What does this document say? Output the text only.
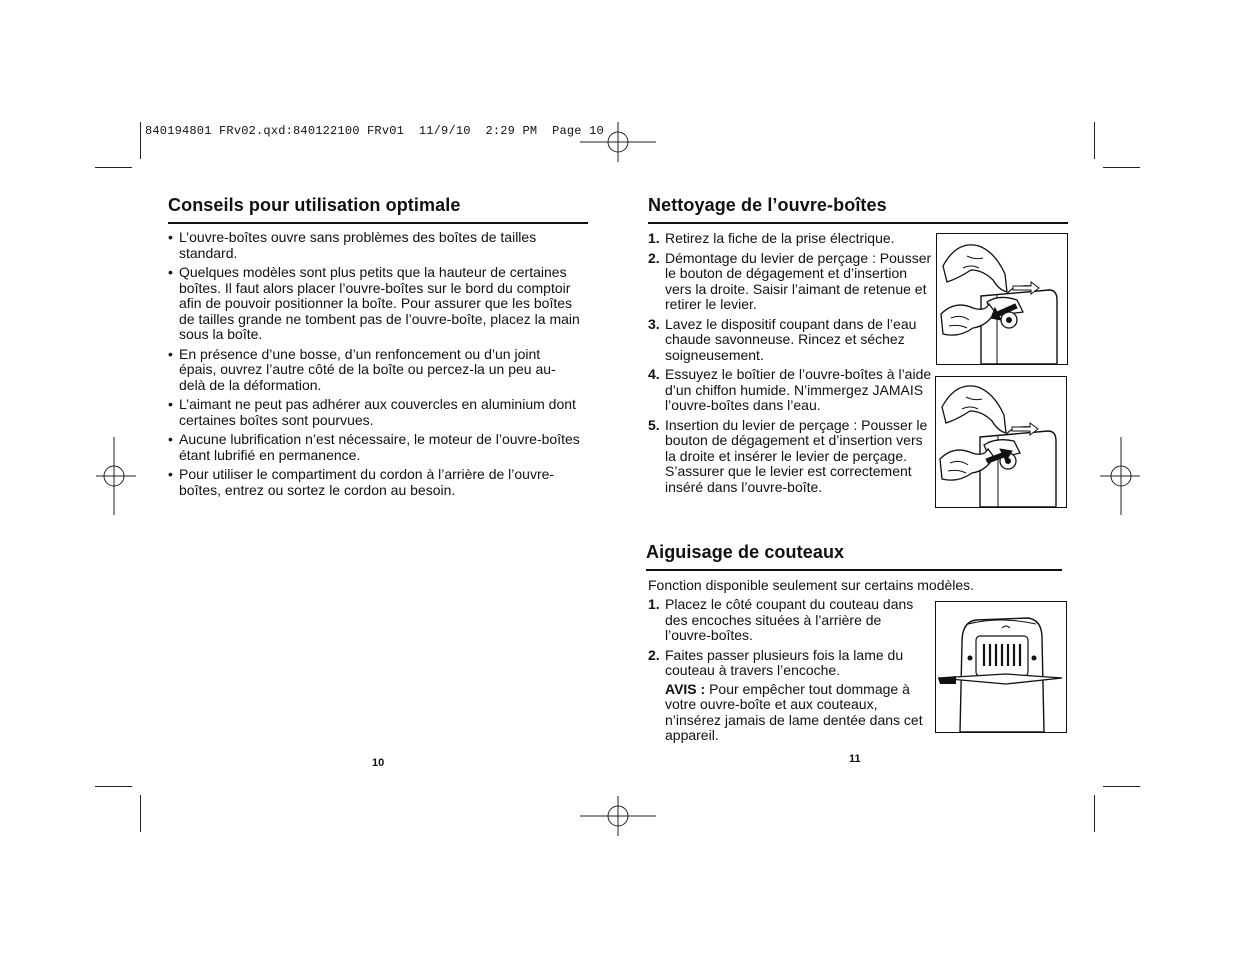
840194801 FRv02.qxd:840122100 FRv01  11/9/10  2:29 PM  Page 10
Conseils pour utilisation optimale
• L’ouvre-boîtes ouvre sans problèmes des boîtes de tailles standard.
• Quelques modèles sont plus petits que la hauteur de certaines boîtes. Il faut alors placer l’ouvre-boîtes sur le bord du comptoir afin de pouvoir positionner la boîte. Pour assurer que les boîtes de tailles grande ne tombent pas de l’ouvre-boîte, placez la main sous la boîte.
• En présence d’une bosse, d’un renfoncement ou d’un joint épais, ouvrez l’autre côté de la boîte ou percez-la un peu au-delà de la déformation.
• L’aimant ne peut pas adhérer aux couvercles en aluminium dont certaines boîtes sont pourvues.
• Aucune lubrification n’est nécessaire, le moteur de l’ouvre-boîtes étant lubrifié en permanence.
• Pour utiliser le compartiment du cordon à l’arrière de l’ouvre-boîtes, entrez ou sortez le cordon au besoin.
10
Nettoyage de l’ouvre-boîtes
1. Retirez la fiche de la prise électrique.
2. Démontage du levier de perçage : Pousser le bouton de dégagement et d’insertion vers la droite. Saisir l’aimant de retenue et retirer le levier.
3. Lavez le dispositif coupant dans de l’eau chaude savonneuse. Rincez et séchez soigneusement.
4. Essuyez le boîtier de l’ouvre-boîtes à l’aide d’un chiffon humide. N’immergez JAMAIS l’ouvre-boîtes dans l’eau.
5. Insertion du levier de perçage : Pousser le bouton de dégagement et d’insertion vers la droite et insérer le levier de perçage. S’assurer que le levier est correctement inséré dans l’ouvre-boîte.
Aiguisage de couteaux
Fonction disponible seulement sur certains modèles.
1. Placez le côté coupant du couteau dans des encoches situées à l’arrière de l’ouvre-boîtes.
2. Faites passer plusieurs fois la lame du couteau à travers l’encoche.
AVIS : Pour empêcher tout dommage à votre ouvre-boîte et aux couteaux, n’insérez jamais de lame dentée dans cet appareil.
11
